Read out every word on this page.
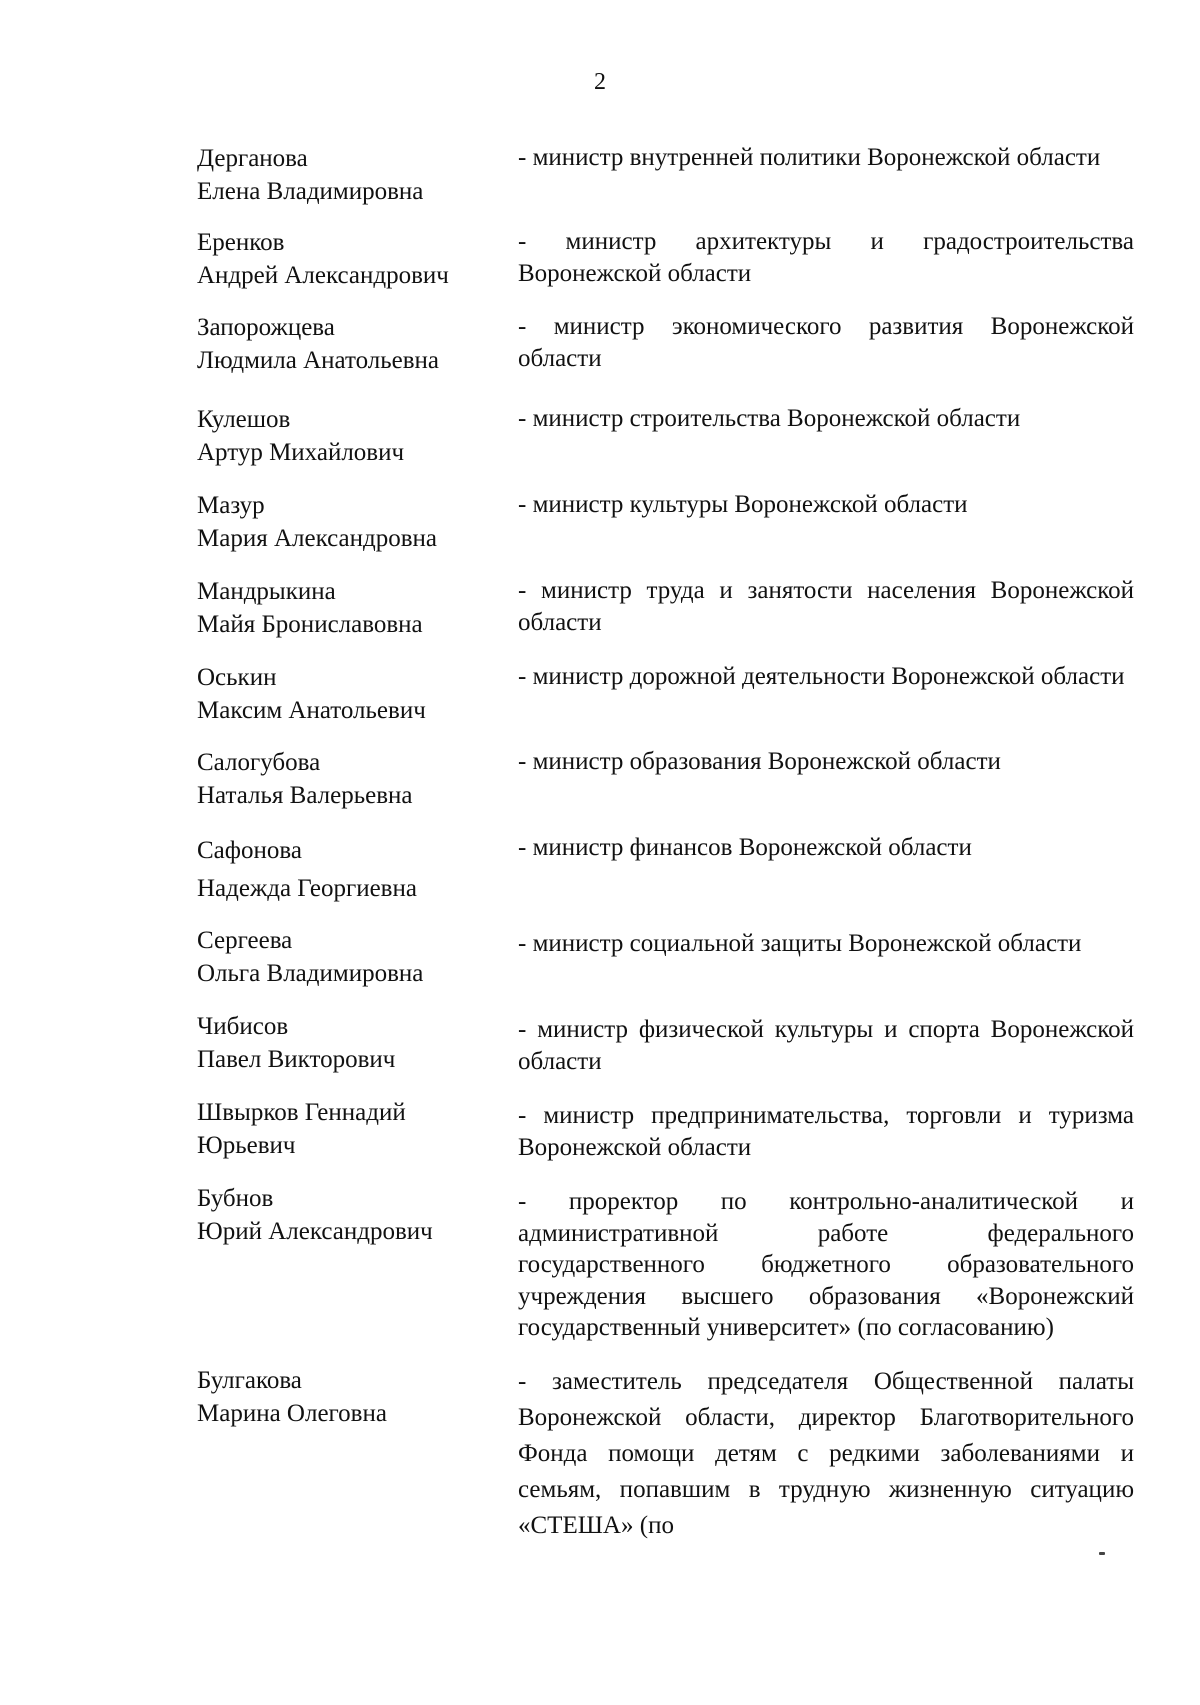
2
Дерганова
Елена Владимировна
- министр внутренней политики Воронежской области
Еренков
Андрей Александрович
- министр архитектуры и градостроительства Воронежской области
Запорожцева
Людмила Анатольевна
- министр экономического развития Воронежской области
Кулешов
Артур Михайлович
- министр строительства Воронежской области
Мазур
Мария Александровна
- министр культуры Воронежской области
Мандрыкина
Майя Брониславовна
- министр труда и занятости населения Воронежской области
Оськин
Максим Анатольевич
- министр дорожной деятельности Воронежской области
Салогубова
Наталья Валерьевна
- министр образования Воронежской области
Сафонова
Надежда Георгиевна
- министр финансов Воронежской области
Сергеева
Ольга Владимировна
- министр социальной защиты Воронежской области
Чибисов
Павел Викторович
- министр физической культуры и спорта Воронежской области
Швырков Геннадий
Юрьевич
- министр предпринимательства, торговли и туризма Воронежской области
Бубнов
Юрий Александрович
- проректор по контрольно-аналитической и административной работе федерального государственного бюджетного образовательного учреждения высшего образования «Воронежский государственный университет» (по согласованию)
Булгакова
Марина Олеговна
- заместитель председателя Общественной палаты Воронежской области, директор Благотворительного Фонда помощи детям с редкими заболеваниями и семьям, попавшим в трудную жизненную ситуацию «СТЕША» (по
